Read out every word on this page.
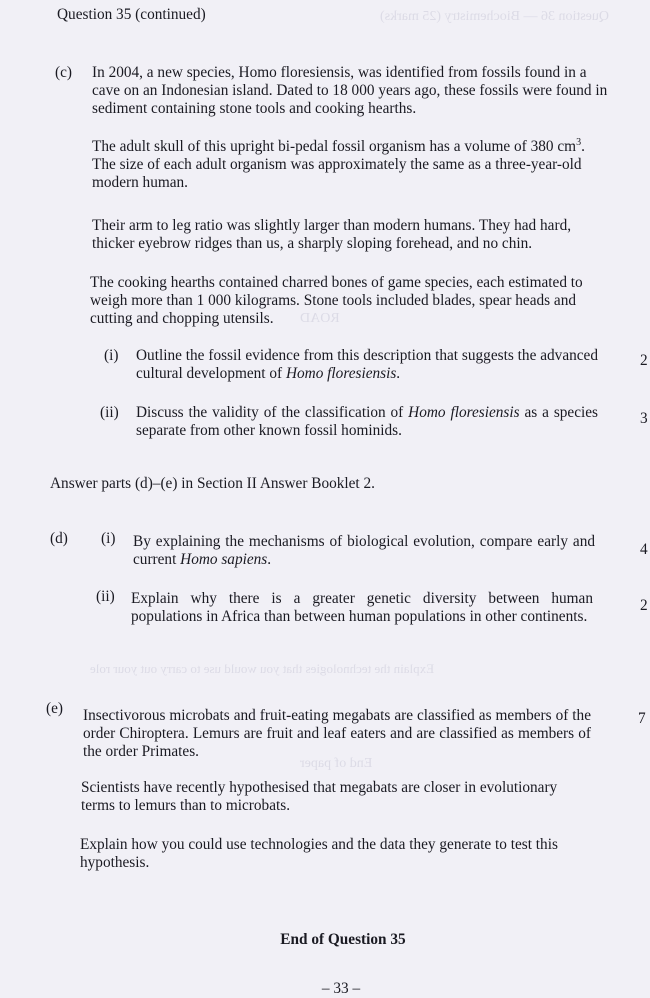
Question 36 — Biochemistry (25 marks)
ROAD
Explain the technologies that you would use to carry out your role
End of paper
Question 35 (continued)
(c) In 2004, a new species, Homo floresiensis, was identified from fossils found in a cave on an Indonesian island. Dated to 18 000 years ago, these fossils were found in sediment containing stone tools and cooking hearths.

The adult skull of this upright bi-pedal fossil organism has a volume of 380 $cm^3$. The size of each adult organism was approximately the same as a three-year-old modern human.

Their arm to leg ratio was slightly larger than modern humans. They had hard, thicker eyebrow ridges than us, a sharply sloping forehead, and no chin.

The cooking hearths contained charred bones of game species, each estimated to weigh more than 1 000 kilograms. Stone tools included blades, spear heads and cutting and chopping utensils.

(i) Outline the fossil evidence from this description that suggests the advanced cultural development of Homo floresiensis.

2
(ii) Discuss the validity of the classification of Homo floresiensis as a species separate from other known fossil hominids.

3
Answer parts (d)–(e) in Section II Answer Booklet 2.
(d) (i) By explaining the mechanisms of biological evolution, compare early and current Homo sapiens.

4
(ii) Explain why there is a greater genetic diversity between human populations in Africa than between human populations in other continents.

2
(e) Insectivorous microbats and fruit-eating megabats are classified as members of the order Chiroptera. Lemurs are fruit and leaf eaters and are classified as members of the order Primates.

7

Scientists have recently hypothesised that megabats are closer in evolutionary terms to lemurs than to microbats.

Explain how you could use technologies and the data they generate to test this hypothesis.

End of Question 35
– 33 –
